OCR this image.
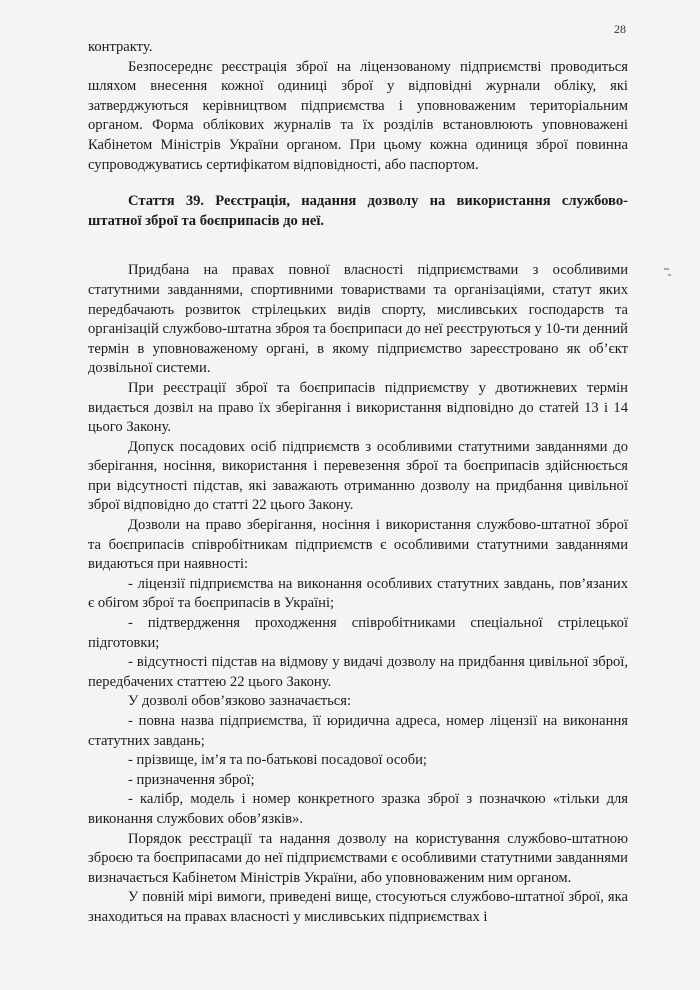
28

контракту.

Безпосереднє реєстрація зброї на ліцензованому підприємстві проводиться шляхом внесення кожної одиниці зброї у відповідні журнали обліку, які затверджуються керівництвом підприємства і уповноваженим територіальним органом. Форма облікових журналів та їх розділів встановлюють уповноважені Кабінетом Міністрів України органом. При цьому кожна одиниця зброї повинна супроводжуватись сертифікатом відповідності, або паспортом.

Стаття 39. Реєстрація, надання дозволу на використання службово-штатної зброї та боєприпасів до неї.

Придбана на правах повної власності підприємствами з особливими статутними завданнями, спортивними товариствами та організаціями, статут яких передбачають розвиток стрілецьких видів спорту, мисливських господарств та організацій службово-штатна зброя та боєприпаси до неї реєструються у 10-ти денний термін в уповноваженому органі, в якому підприємство зареєстровано як об’єкт дозвільної системи.

При реєстрації зброї та боєприпасів підприємству у двотижневих термін видається дозвіл на право їх зберігання і використання відповідно до статей 13 і 14 цього Закону.

Допуск посадових осіб підприємств з особливими статутними завданнями до зберігання, носіння, використання і перевезення зброї та боєприпасів здійснюється при відсутності підстав, які заважають отриманню дозволу на придбання цивільної зброї відповідно до статті 22 цього Закону.

Дозволи на право зберігання, носіння і використання службово-штатної зброї та боєприпасів співробітникам підприємств є особливими статутними завданнями видаються при наявності:

- ліцензії підприємства на виконання особливих статутних завдань, пов’язаних є обігом зброї та боєприпасів в Україні;

- підтвердження проходження співробітниками спеціальної стрілецької підготовки;

- відсутності підстав на відмову у видачі дозволу на придбання цивільної зброї, передбачених статтею 22 цього Закону.

У дозволі обов’язково зазначається:

- повна назва підприємства, її юридична адреса, номер ліцензії на виконання статутних завдань;

- прізвище, ім’я та по-батькові посадової особи;

- призначення зброї;

- калібр, модель і номер конкретного зразка зброї з позначкою «тільки для виконання службових обов’язків».

Порядок реєстрації та надання дозволу на користування службово-штатною зброєю та боєприпасами до неї підприємствами є особливими статутними завданнями визначається Кабінетом Міністрів України, або уповноваженим ним органом.

У повній мірі вимоги, приведені вище, стосуються службово-штатної зброї, яка знаходиться на правах власності у мисливських підприємствах і
